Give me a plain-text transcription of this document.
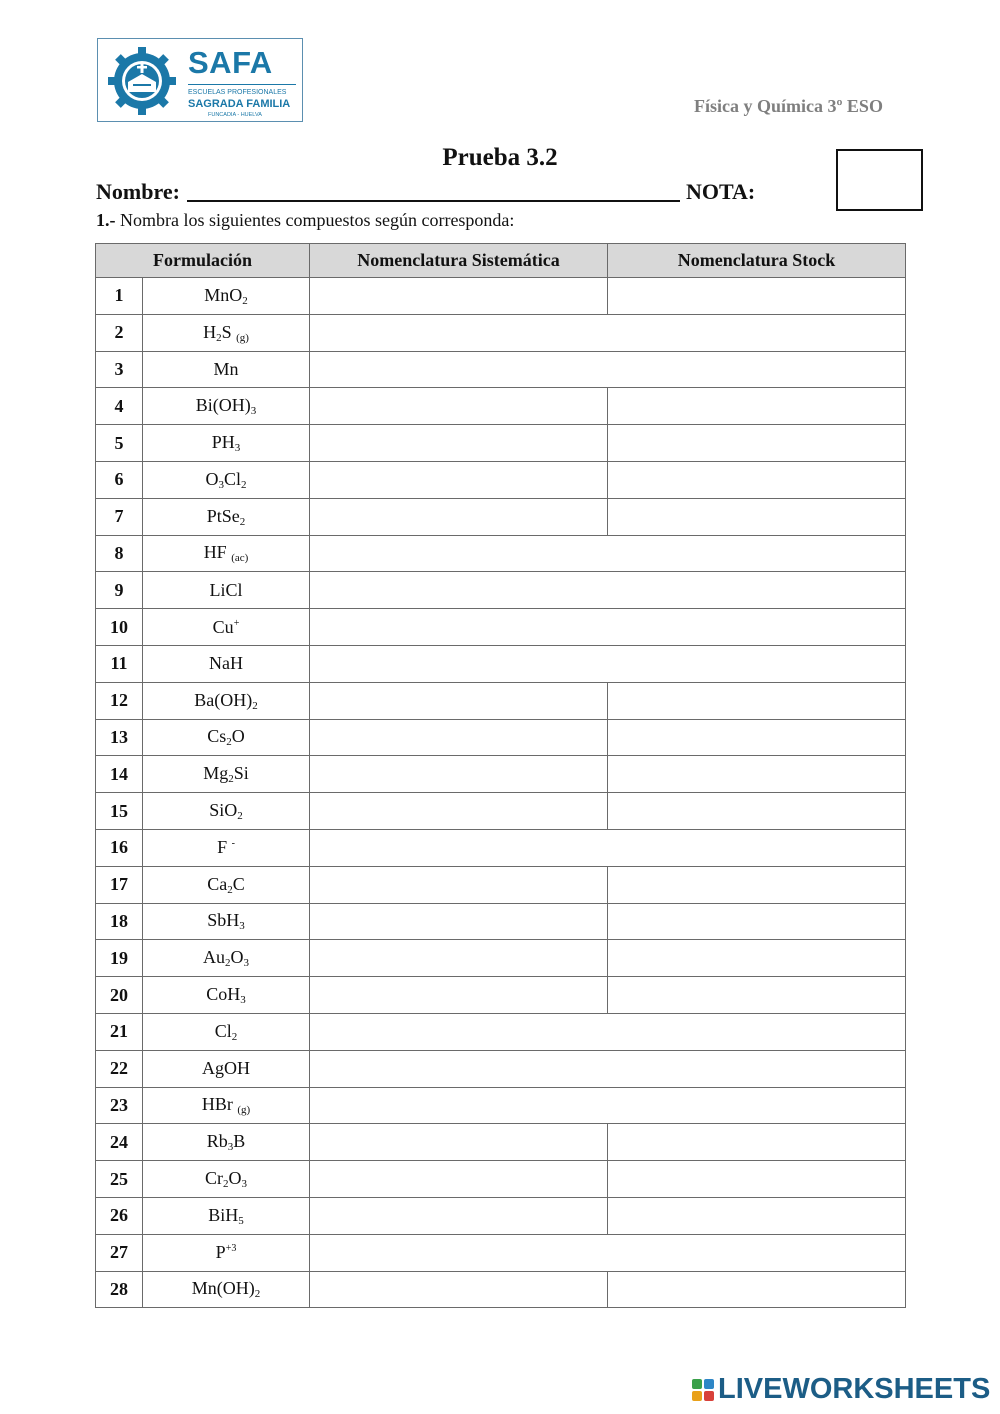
SAFA
ESCUELAS PROFESIONALES
SAGRADA FAMILIA
FUNCADIA - HUELVA	Física y Química 3º ESO
Prueba 3.2
Nombre:	NOTA:
1.- Nombra los siguientes compuestos según corresponda:
Formulación		Nomenclatura Sistemática	Nomenclatura Stock
1	MnO$_2$		
2	$H_2S$ (g)		
3	Mn		
4	$Bi(OH)_3$		
5	$PH_3$		
6	$O_3Cl_2$		
7	PtSe$_2$		
8	HF (ac)		
9	LiCl		
10	Cu+	
11	NaH		
12	$Ba(OH)_2$		
13	$Cs_2O$		
14	$Mg_2Si$		
15	SiO$_2$		
16	F -	
17	$Ca_2C$		
18	SbH$_3$		
19	$Au_2O_3$		
20	CoH$_3$		
21	$Cl_2$	
22	AgOH		
23	HBr (g)		
24	$Rb_3B$		
25	$Cr_2O_3$		
26	BiH$_5$		
27	$P^{+3}$	
28	$Mn(OH)_2$		
LIVEWORKSHEETS
